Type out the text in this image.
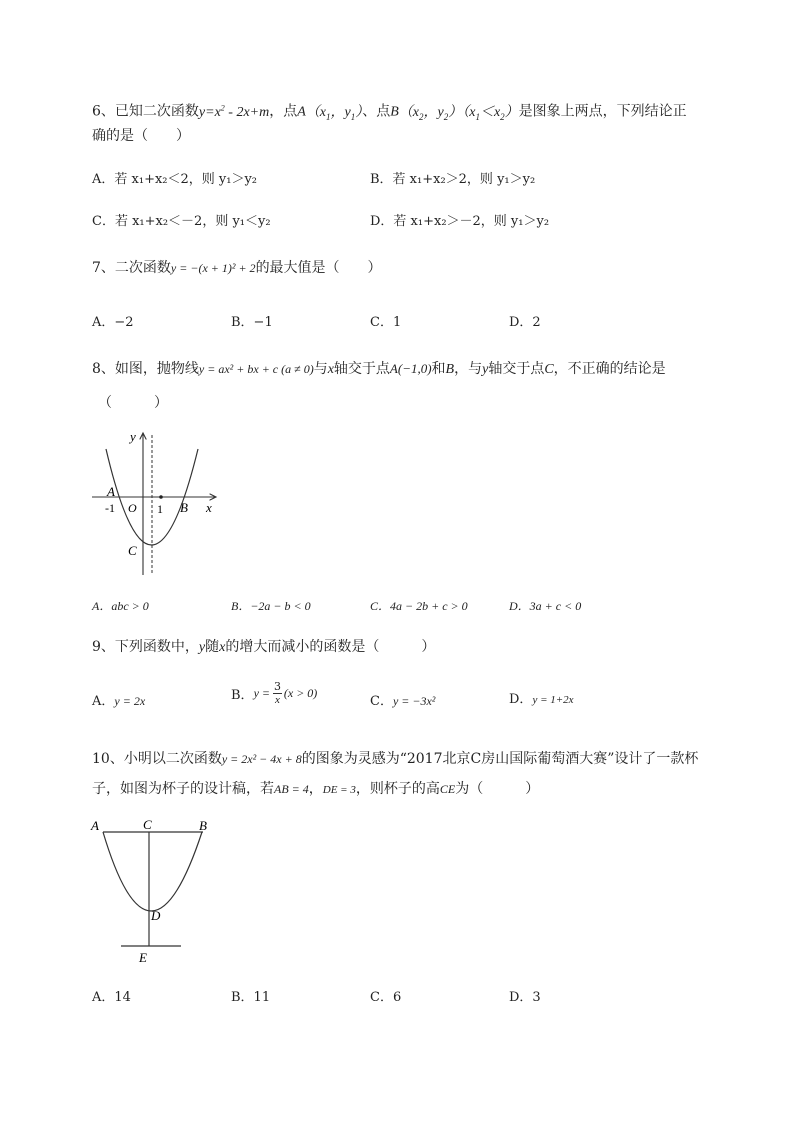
6、已知二次函数$y=x^2 - 2x+m$，点$A(x_1$，$y_1$）、点$B(x_2$，$y_2)(x_1<x_2)$是图象上两点，下列结论正
确的是（　　）
A．若 x₁+x₂＜2，则 y₁＞y₂	B．若 x₁+x₂＞2，则 y₁＞y₂
C．若 x₁+x₂＜－2，则 y₁＜y₂	D．若 x₁+x₂＞－2，则 y₁＞y₂
7、二次函数y = −(x + 1)² + 2的最大值是（　　）
A．−2	B．−1	C．1	D．2
8、如图，抛物线y = ax² + bx + c (a ≠ 0)与x轴交于点A(−1,0)和B，与y轴交于点C，不正确的结论是
（　　　）
y
x
A
-1 O 1 B
C
A．abc > 0	B．−2a − b < 0	C．4a − 2b + c > 0	D．3a + c < 0
9、下列函数中，y随x的增大而减小的函数是（　　　）
A．y = 2x	B． $y = \frac{3}{x} (x > 0)$
C．y = −3x²	D．y = 1+2x
10、小明以二次函数y = 2x² − 4x + 8的图象为灵感为“2017北京C房山国际葡萄酒大赛”设计了一款杯
子，如图为杯子的设计稿，若AB = 4，DE = 3，则杯子的高CE为（　　　）
A	C	B
D
E
A．14	B．11	C．6	D．3
